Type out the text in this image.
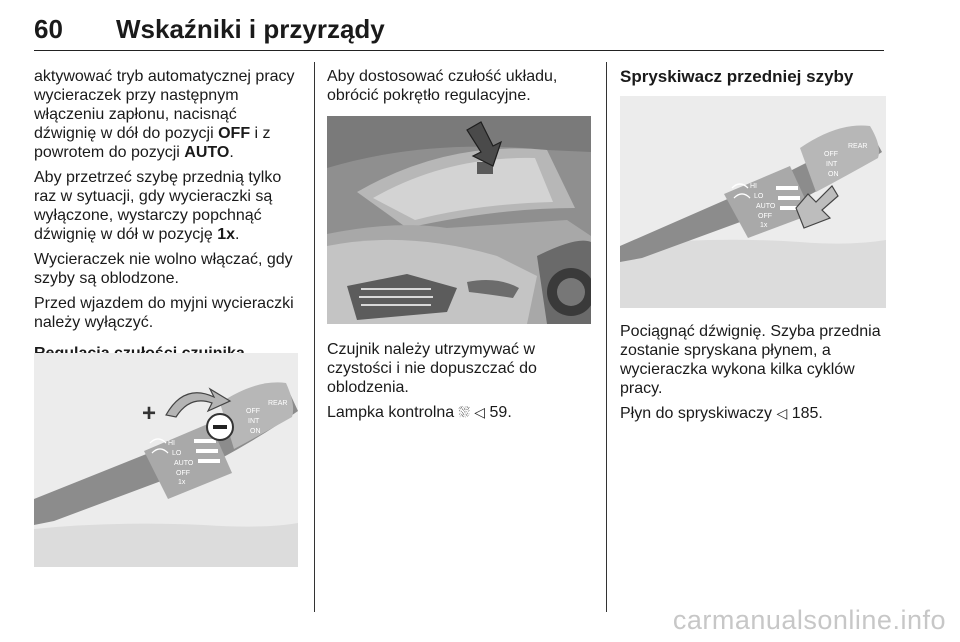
60 Wskaźniki i przyrządy

aktywować tryb automatycznej pracy wycieraczek przy następnym włączeniu zapłonu, nacisnąć dźwignię w dół do pozycji OFF i z powrotem do pozycji AUTO.

Aby przetrzeć szybę przednią tylko raz w sytuacji, gdy wycieraczki są wyłączone, wystarczy popchnąć dźwignię w dół w pozycję 1x.

Wycieraczek nie wolno włączać, gdy szyby są oblodzone.

Przed wjazdem do myjni wycieraczki należy wyłączyć.

+	OFF
INT
ON
REAR
HI
LO
AUTO
OFF
1x

Aby dostosować czułość układu, obrócić pokrętło regulacyjne.

Czujnik należy utrzymywać w czystości i nie dopuszczać do oblodzenia.

Lampka kontrolna ⛆ ◁ 59.

Spryskiwacz przedniej szyby

OFF
INT
ON
REAR
HI
LO
AUTO
OFF
1x

Pociągnąć dźwignię. Szyba przednia zostanie spryskana płynem, a wycieraczka wykona kilka cyklów pracy.

Płyn do spryskiwaczy ◁ 185.

carmanualsonline.info
